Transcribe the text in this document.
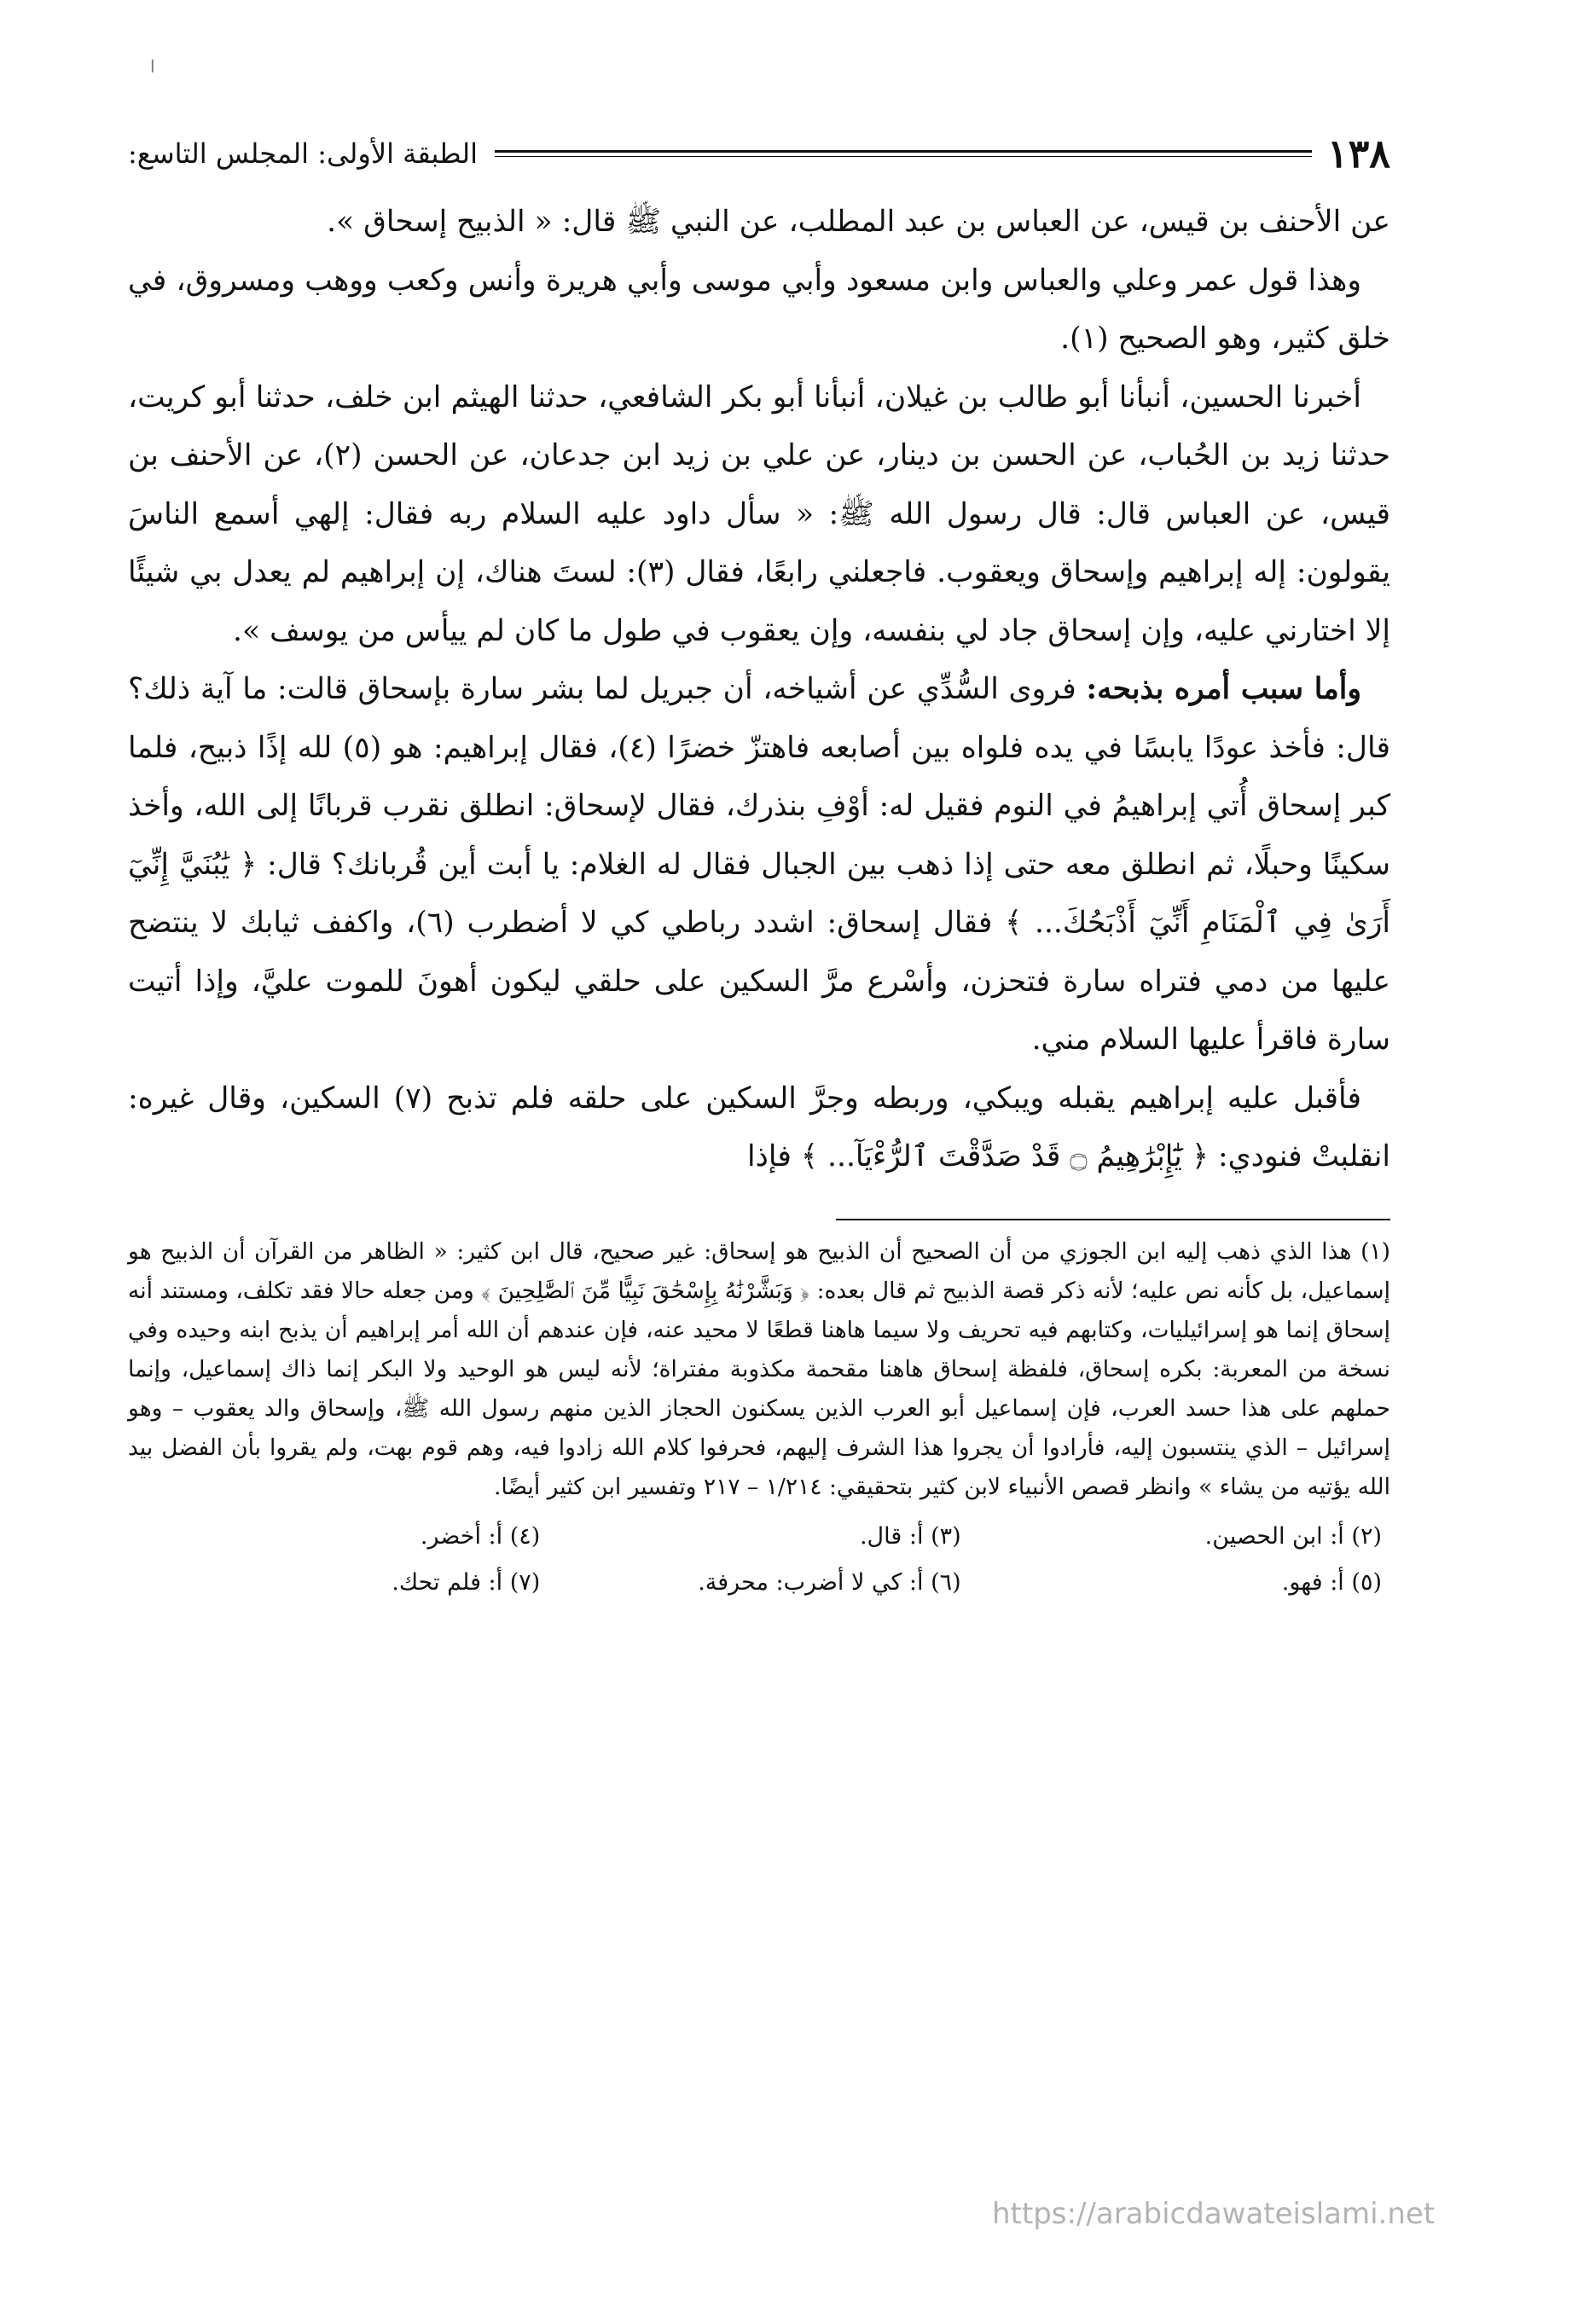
ا
١٣٨
الطبقة الأولى: المجلس التاسع:

عن الأحنف بن قيس، عن العباس بن عبد المطلب، عن النبي ﷺ قال: « الذبيح إسحاق ».

وهذا قول عمر وعلي والعباس وابن مسعود وأبي موسى وأبي هريرة وأنس وكعب ووهب ومسروق، في خلق كثير، وهو الصحيح (١).

أخبرنا الحسين، أنبأنا أبو طالب بن غيلان، أنبأنا أبو بكر الشافعي، حدثنا الهيثم ابن خلف، حدثنا أبو كريت، حدثنا زيد بن الحُباب، عن الحسن بن دينار، عن علي بن زيد ابن جدعان، عن الحسن (٢)، عن الأحنف بن قيس، عن العباس قال: قال رسول الله ﷺ: « سأل داود عليه السلام ربه فقال: إلهي أسمع الناسَ يقولون: إله إبراهيم وإسحاق ويعقوب. فاجعلني رابعًا، فقال (٣): لستَ هناك، إن إبراهيم لم يعدل بي شيئًا إلا اختارني عليه، وإن إسحاق جاد لي بنفسه، وإن يعقوب في طول ما كان لم ييأس من يوسف ».

وأما سبب أمره بذبحه: فروى السُّدِّي عن أشياخه، أن جبريل لما بشر سارة بإسحاق قالت: ما آية ذلك؟ قال: فأخذ عودًا يابسًا في يده فلواه بين أصابعه فاهتزّ خضرًا (٤)، فقال إبراهيم: هو (٥) لله إذًا ذبيح، فلما كبر إسحاق أُتي إبراهيمُ في النوم فقيل له: أوْفِ بنذرك، فقال لإسحاق: انطلق نقرب قربانًا إلى الله، وأخذ سكينًا وحبلًا، ثم انطلق معه حتى إذا ذهب بين الجبال فقال له الغلام: يا أبت أين قُربانك؟ قال: ﴿ يَٰبُنَيَّ إِنِّيٓ أَرَىٰ فِي ٱلْمَنَامِ أَنِّيٓ أَذْبَحُكَ... ﴾ فقال إسحاق: اشدد رباطي كي لا أضطرب (٦)، واكفف ثيابك لا ينتضح عليها من دمي فتراه سارة فتحزن، وأسْرع مرَّ السكين على حلقي ليكون أهونَ للموت عليَّ، وإذا أتيت سارة فاقرأ عليها السلام مني.

فأقبل عليه إبراهيم يقبله ويبكي، وربطه وجرَّ السكين على حلقه فلم تذبح (٧) السكين، وقال غيره: انقلبتْ فنودي: ﴿ يَٰٓإِبْرَٰهِيمُ ۝ قَدْ صَدَّقْتَ ٱلرُّءْيَآ... ﴾ فإذا

(١) هذا الذي ذهب إليه ابن الجوزي من أن الصحيح أن الذبيح هو إسحاق: غير صحيح، قال ابن كثير: « الظاهر من القرآن أن الذبيح هو إسماعيل، بل كأنه نص عليه؛ لأنه ذكر قصة الذبيح ثم قال بعده: ﴿ وَبَشَّرْنَٰهُ بِإِسْحَٰقَ نَبِيًّا مِّنَ ٱلصَّٰلِحِينَ ﴾ ومن جعله حالا فقد تكلف، ومستند أنه إسحاق إنما هو إسرائيليات، وكتابهم فيه تحريف ولا سيما هاهنا قطعًا لا محيد عنه، فإن عندهم أن الله أمر إبراهيم أن يذبح ابنه وحيده وفي نسخة من المعربة: بكره إسحاق، فلفظة إسحاق هاهنا مقحمة مكذوبة مفتراة؛ لأنه ليس هو الوحيد ولا البكر إنما ذاك إسماعيل، وإنما حملهم على هذا حسد العرب، فإن إسماعيل أبو العرب الذين يسكنون الحجاز الذين منهم رسول الله ﷺ، وإسحاق والد يعقوب – وهو إسرائيل – الذي ينتسبون إليه، فأرادوا أن يجروا هذا الشرف إليهم، فحرفوا كلام الله زادوا فيه، وهم قوم بهت، ولم يقروا بأن الفضل بيد الله يؤتيه من يشاء » وانظر قصص الأنبياء لابن كثير بتحقيقي: ١/٢١٤ – ٢١٧ وتفسير ابن كثير أيضًا.

(٢) أ: ابن الحصين.
(٣) أ: قال.
(٤) أ: أخضر.
(٥) أ: فهو.
(٦) أ: كي لا أضرب: محرفة.
(٧) أ: فلم تحك.
https://arabicdawateislami.net
